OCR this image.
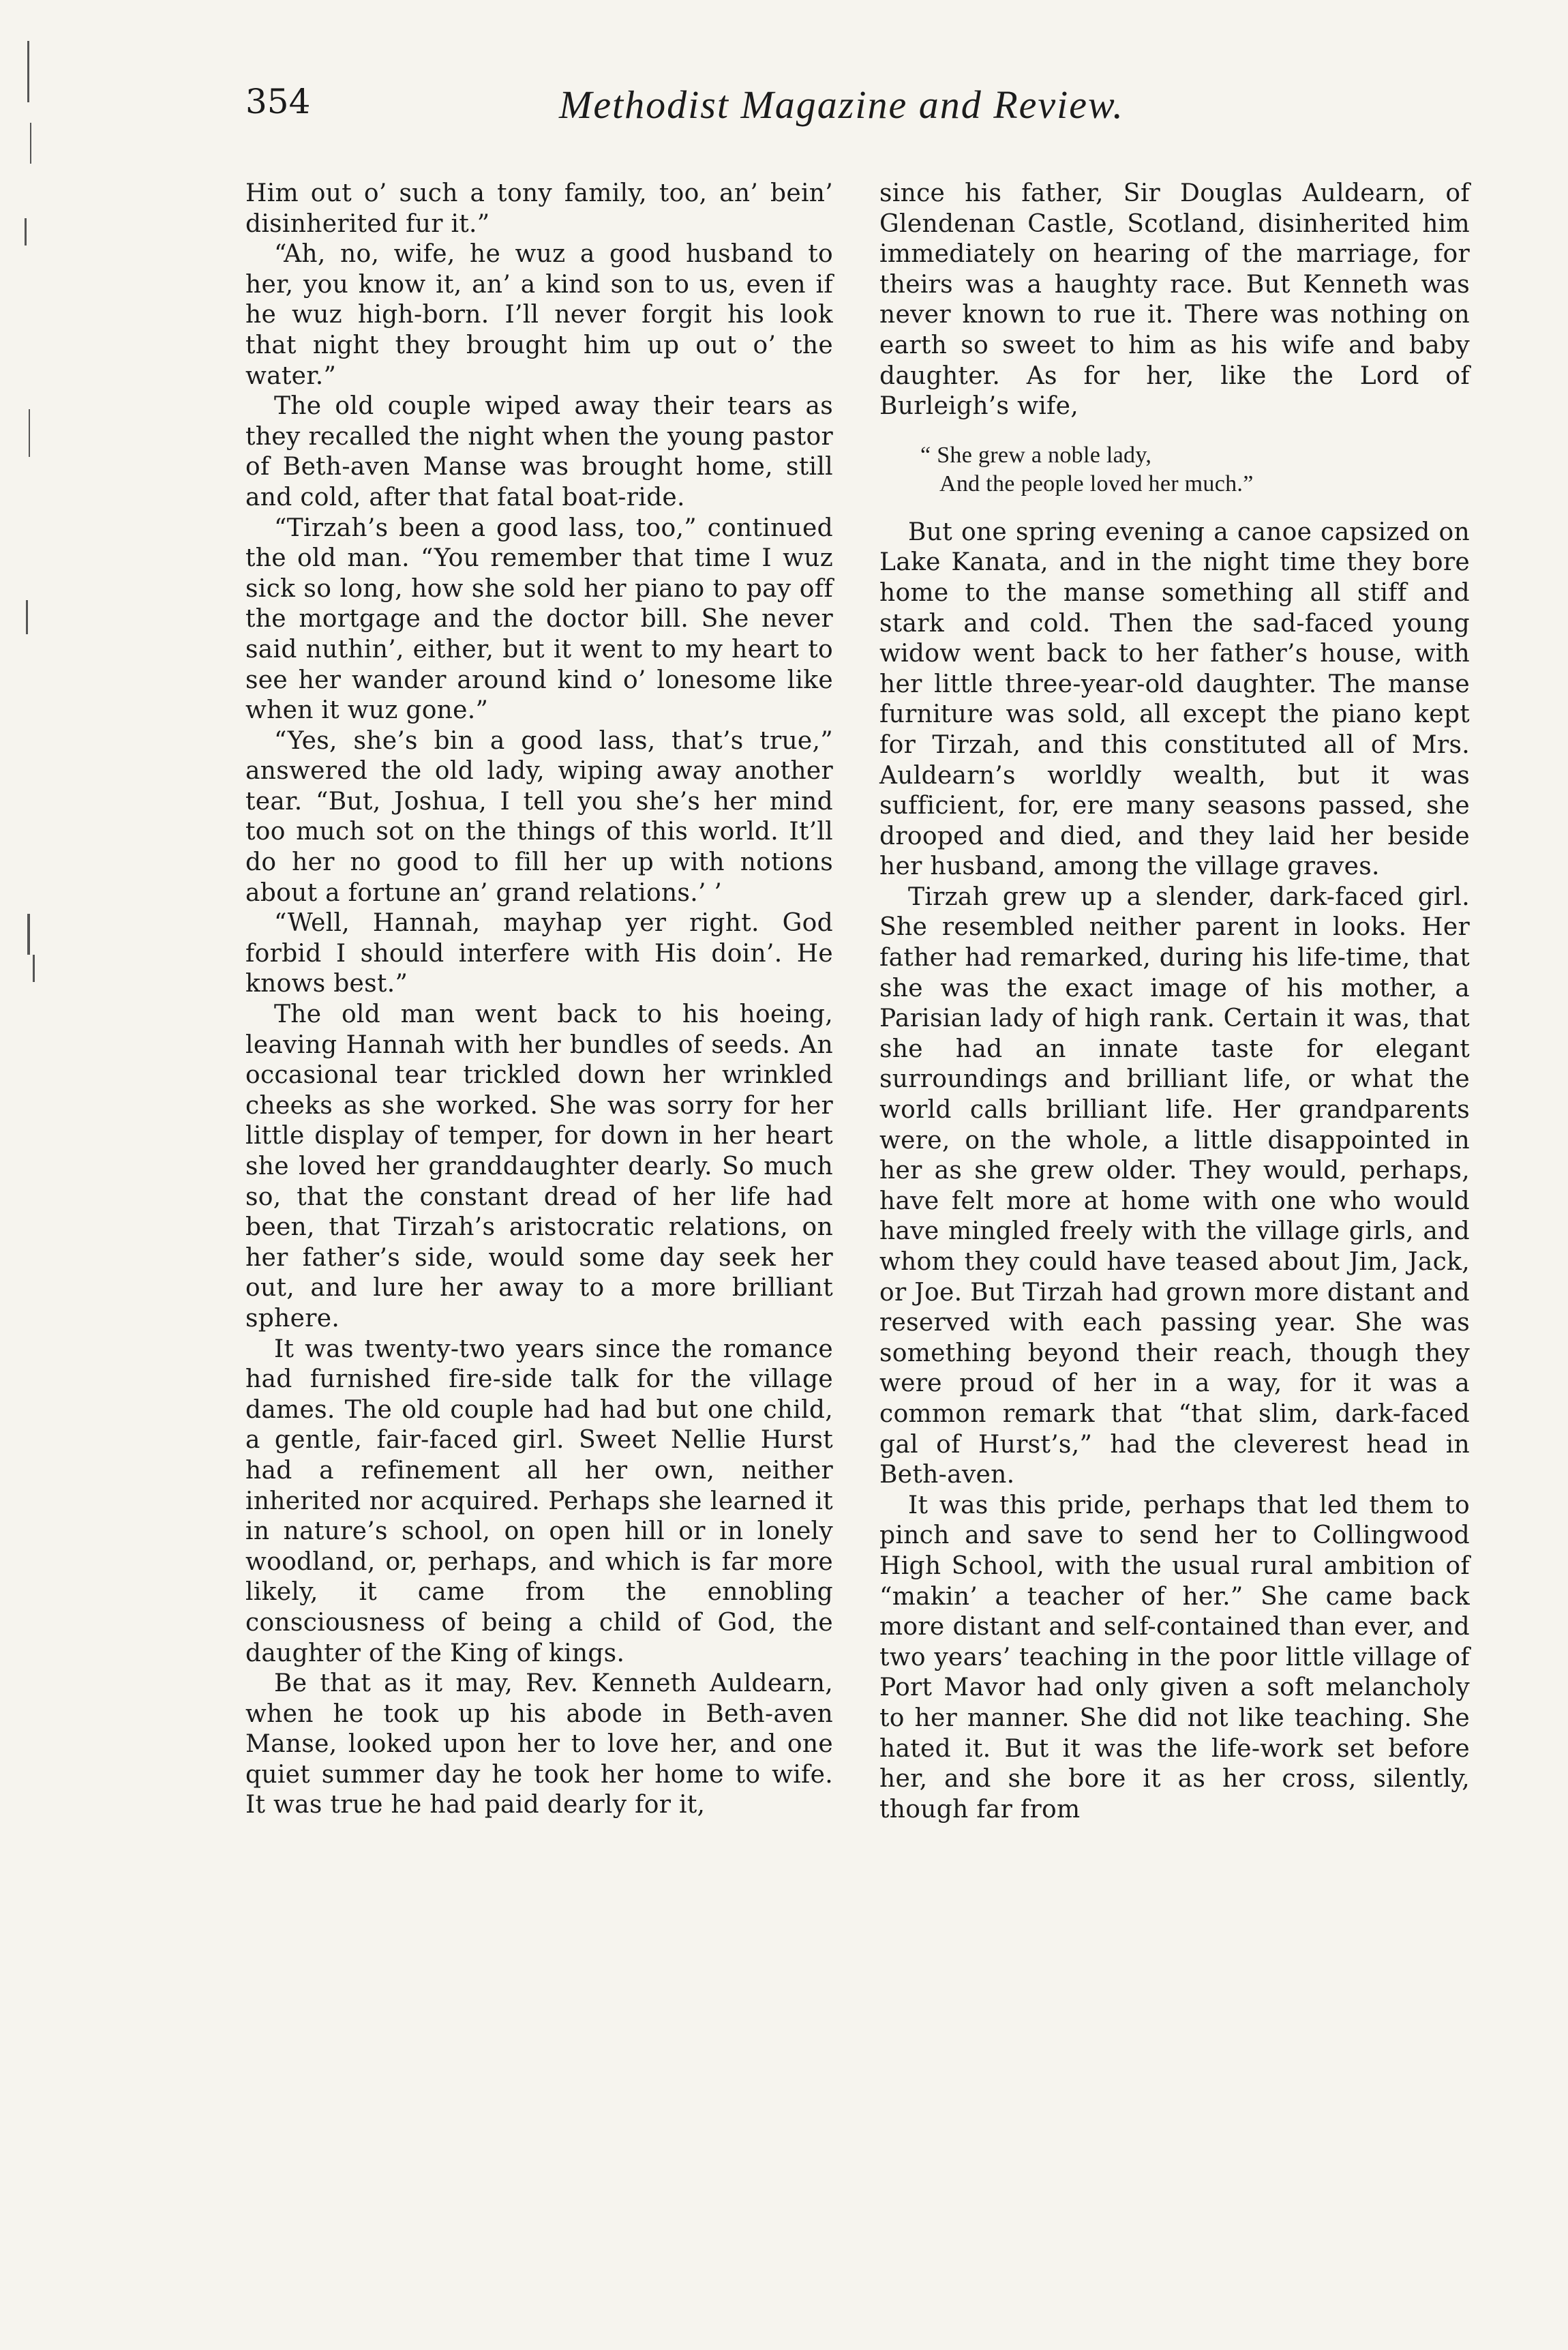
354	Methodist Magazine and Review.

Him out o’ such a tony family, too, an’ bein’ disinherited fur it.”

“Ah, no, wife, he wuz a good husband to her, you know it, an’ a kind son to us, even if he wuz high-born. I’ll never forgit his look that night they brought him up out o’ the water.”

The old couple wiped away their tears as they recalled the night when the young pastor of Beth-aven Manse was brought home, still and cold, after that fatal boat-ride.

“Tirzah’s been a good lass, too,” continued the old man. “You remember that time I wuz sick so long, how she sold her piano to pay off the mortgage and the doctor bill. She never said nuthin’, either, but it went to my heart to see her wander around kind o’ lonesome like when it wuz gone.”

“Yes, she’s bin a good lass, that’s true,” answered the old lady, wiping away another tear. “But, Joshua, I tell you she’s her mind too much sot on the things of this world. It’ll do her no good to fill her up with notions about a fortune an’ grand relations.’ ’

“Well, Hannah, mayhap yer right. God forbid I should interfere with His doin’. He knows best.”

The old man went back to his hoeing, leaving Hannah with her bundles of seeds. An occasional tear trickled down her wrinkled cheeks as she worked. She was sorry for her little display of temper, for down in her heart she loved her granddaughter dearly. So much so, that the constant dread of her life had been, that Tirzah’s aristocratic relations, on her father’s side, would some day seek her out, and lure her away to a more brilliant sphere.

It was twenty-two years since the romance had furnished fire-side talk for the village dames. The old couple had had but one child, a gentle, fair-faced girl. Sweet Nellie Hurst had a refinement all her own, neither inherited nor acquired. Perhaps she learned it in nature’s school, on open hill or in lonely woodland, or, perhaps, and which is far more likely, it came from the ennobling consciousness of being a child of God, the daughter of the King of kings.

Be that as it may, Rev. Kenneth Auldearn, when he took up his abode in Beth-aven Manse, looked upon her to love her, and one quiet summer day he took her home to wife. It was true he had paid dearly for it,

since his father, Sir Douglas Auldearn, of Glendenan Castle, Scotland, disinherited him immediately on hearing of the marriage, for theirs was a haughty race. But Kenneth was never known to rue it. There was nothing on earth so sweet to him as his wife and baby daughter. As for her, like the Lord of Burleigh’s wife,

“ She grew a noble lady,
And the people loved her much.”

But one spring evening a canoe capsized on Lake Kanata, and in the night time they bore home to the manse something all stiff and stark and cold. Then the sad-faced young widow went back to her father’s house, with her little three-year-old daughter. The manse furniture was sold, all except the piano kept for Tirzah, and this constituted all of Mrs. Auldearn’s worldly wealth, but it was sufficient, for, ere many seasons passed, she drooped and died, and they laid her beside her husband, among the village graves.

Tirzah grew up a slender, dark-faced girl. She resembled neither parent in looks. Her father had remarked, during his life-time, that she was the exact image of his mother, a Parisian lady of high rank. Certain it was, that she had an innate taste for elegant surroundings and brilliant life, or what the world calls brilliant life. Her grandparents were, on the whole, a little disappointed in her as she grew older. They would, perhaps, have felt more at home with one who would have mingled freely with the village girls, and whom they could have teased about Jim, Jack, or Joe. But Tirzah had grown more distant and reserved with each passing year. She was something beyond their reach, though they were proud of her in a way, for it was a common remark that “that slim, dark-faced gal of Hurst’s,” had the cleverest head in Beth-aven.

It was this pride, perhaps that led them to pinch and save to send her to Collingwood High School, with the usual rural ambition of “makin’ a teacher of her.” She came back more distant and self-contained than ever, and two years’ teaching in the poor little village of Port Mavor had only given a soft melancholy to her manner. She did not like teaching. She hated it. But it was the life-work set before her, and she bore it as her cross, silently, though far from
